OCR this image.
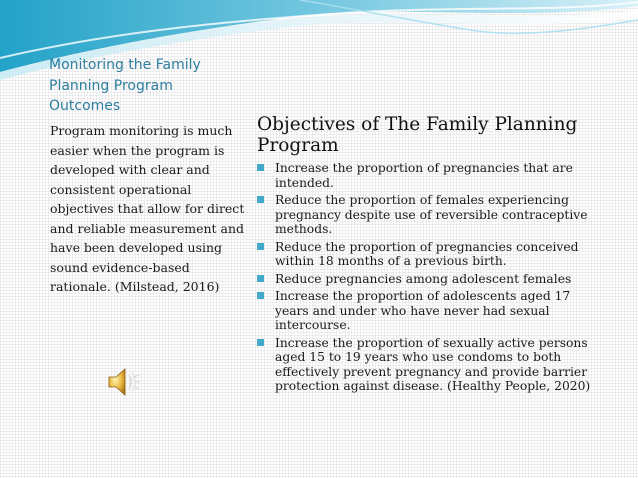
Monitoring the Family Planning Program Outcomes

Program monitoring is much easier when the program is developed with clear and consistent operational objectives that allow for direct and reliable measurement and have been developed using sound evidence-based rationale. (Milstead, 2016)

Objectives of The Family Planning Program
Increase the proportion of pregnancies that are intended.
Reduce the proportion of females experiencing pregnancy despite use of reversible contraceptive methods.
Reduce the proportion of pregnancies conceived within 18 months of a previous birth.
Reduce pregnancies among adolescent females
Increase the proportion of adolescents aged 17 years and under who have never had sexual intercourse.
Increase the proportion of sexually active persons aged 15 to 19 years who use condoms to both effectively prevent pregnancy and provide barrier protection against disease. (Healthy People, 2020)
